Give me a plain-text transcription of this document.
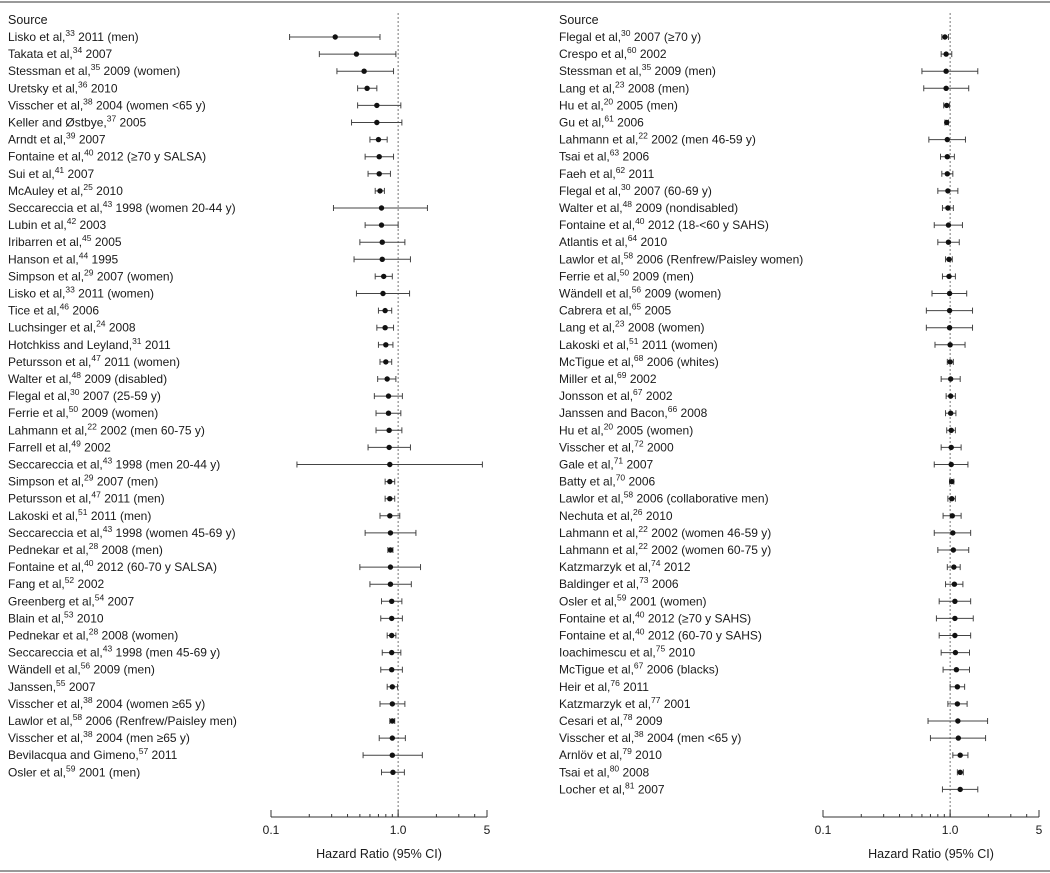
Source
Lisko et al,$^{33}$ 2011 (men)
Takata et al,$^{34}$ 2007
Stessman et al,$^{35}$ 2009 (women)
Uretsky et al,$^{36}$ 2010
Visscher et al,$^{38}$ 2004 (women <65 y)
Keller and Østbye,$^{37}$ 2005
Arndt et al,$^{39}$ 2007
Fontaine et al,$^{40}$ 2012 (≥70 y SALSA)
Sui et al,$^{41}$ 2007
McAuley et al,$^{25}$ 2010
Seccareccia et al,$^{43}$ 1998 (women 20-44 y)
Lubin et al,$^{42}$ 2003
Iribarren et al,$^{45}$ 2005
Hanson et al,$^{44}$ 1995
Simpson et al,$^{29}$ 2007 (women)
Lisko et al,$^{33}$ 2011 (women)
Tice et al,$^{46}$ 2006
Luchsinger et al,$^{24}$ 2008
Hotchkiss and Leyland,$^{31}$ 2011
Petursson et al,$^{47}$ 2011 (women)
Walter et al,$^{48}$ 2009 (disabled)
Flegal et al,$^{30}$ 2007 (25-59 y)
Ferrie et al,$^{50}$ 2009 (women)
Lahmann et al,$^{22}$ 2002 (men 60-75 y)
Farrell et al,$^{49}$ 2002
Seccareccia et al,$^{43}$ 1998 (men 20-44 y)
Simpson et al,$^{29}$ 2007 (men)
Petursson et al,$^{47}$ 2011 (men)
Lakoski et al,$^{51}$ 2011 (men)
Seccareccia et al,$^{43}$ 1998 (women 45-69 y)
Pednekar et al,$^{28}$ 2008 (men)
Fontaine et al,$^{40}$ 2012 (60-70 y SALSA)
Fang et al,$^{52}$ 2002
Greenberg et al,$^{54}$ 2007
Blain et al,$^{53}$ 2010
Pednekar et al,$^{28}$ 2008 (women)
Seccareccia et al,$^{43}$ 1998 (men 45-69 y)
Wändell et al,$^{56}$ 2009 (men)
Janssen,$^{55}$ 2007
Visscher et al,$^{38}$ 2004 (women ≥65 y)
Lawlor et al,$^{58}$ 2006 (Renfrew/Paisley men)
Visscher et al,$^{38}$ 2004 (men ≥65 y)
Bevilacqua and Gimeno,$^{57}$ 2011
Osler et al,$^{59}$ 2001 (men)
0.1	1.0	5
Hazard Ratio (95% CI)
Source
Flegal et al,$^{30}$ 2007 (≥70 y)
Crespo et al,$^{60}$ 2002
Stessman et al,$^{35}$ 2009 (men)
Lang et al,$^{23}$ 2008 (men)
Hu et al,$^{20}$ 2005 (men)
Gu et al,$^{61}$ 2006
Lahmann et al,$^{22}$ 2002 (men 46-59 y)
Tsai et al,$^{63}$ 2006
Faeh et al,$^{62}$ 2011
Flegal et al,$^{30}$ 2007 (60-69 y)
Walter et al,$^{48}$ 2009 (nondisabled)
Fontaine et al,$^{40}$ 2012 (18-<60 y SAHS)
Atlantis et al,$^{64}$ 2010
Lawlor et al,$^{58}$ 2006 (Renfrew/Paisley women)
Ferrie et al,$^{50}$ 2009 (men)
Wändell et al,$^{56}$ 2009 (women)
Cabrera et al,$^{65}$ 2005
Lang et al,$^{23}$ 2008 (women)
Lakoski et al,$^{51}$ 2011 (women)
McTigue et al,$^{68}$ 2006 (whites)
Miller et al,$^{69}$ 2002
Jonsson et al,$^{67}$ 2002
Janssen and Bacon,$^{66}$ 2008
Hu et al,$^{20}$ 2005 (women)
Visscher et al,$^{72}$ 2000
Gale et al,$^{71}$ 2007
Batty et al,$^{70}$ 2006
Lawlor et al,$^{58}$ 2006 (collaborative men)
Nechuta et al,$^{26}$ 2010
Lahmann et al,$^{22}$ 2002 (women 46-59 y)
Lahmann et al,$^{22}$ 2002 (women 60-75 y)
Katzmarzyk et al,$^{74}$ 2012
Baldinger et al,$^{73}$ 2006
Osler et al,$^{59}$ 2001 (women)
Fontaine et al,$^{40}$ 2012 (≥70 y SAHS)
Fontaine et al,$^{40}$ 2012 (60-70 y SAHS)
Ioachimescu et al,$^{75}$ 2010
McTigue et al,$^{67}$ 2006 (blacks)
Heir et al,$^{76}$ 2011
Katzmarzyk et al,$^{77}$ 2001
Cesari et al,$^{78}$ 2009
Visscher et al,$^{38}$ 2004 (men <65 y)
Arnlöv et al,$^{79}$ 2010
Tsai et al,$^{80}$ 2008
Locher et al,$^{81}$ 2007
0.1	1.0	5
Hazard Ratio (95% CI)
